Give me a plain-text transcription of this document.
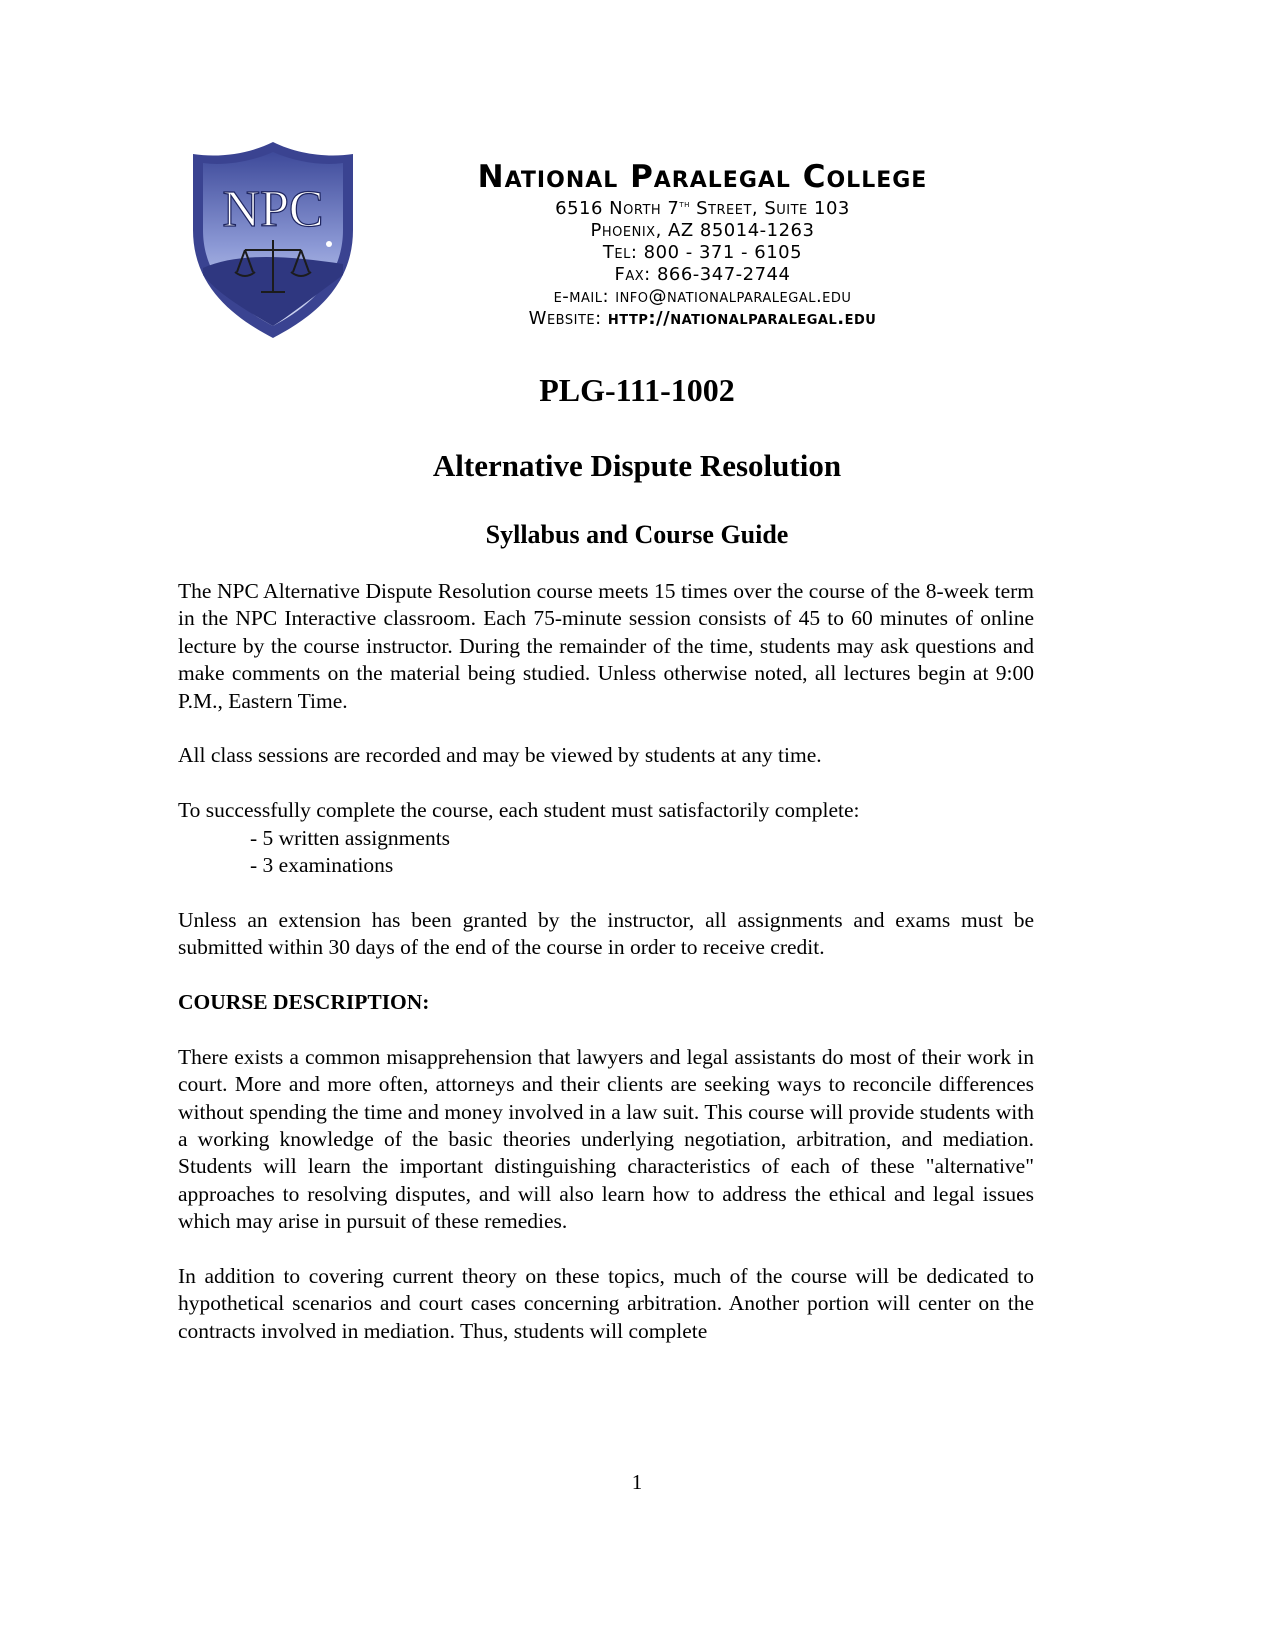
NPC

National Paralegal College

6516 North 7th Street, Suite 103

Phoenix, AZ 85014-1263

Tel: 800 - 371 - 6105

Fax: 866-347-2744

e-mail: info@nationalparalegal.edu

Website: http://nationalparalegal.edu

PLG-111-1002
Alternative Dispute Resolution
Syllabus and Course Guide

The NPC Alternative Dispute Resolution course meets 15 times over the course of the 8-week term in the NPC Interactive classroom. Each 75-minute session consists of 45 to 60 minutes of online lecture by the course instructor. During the remainder of the time, students may ask questions and make comments on the material being studied. Unless otherwise noted, all lectures begin at 9:00 P.M., Eastern Time.

All class sessions are recorded and may be viewed by students at any time.

To successfully complete the course, each student must satisfactorily complete:
- 5 written assignments
- 3 examinations

Unless an extension has been granted by the instructor, all assignments and exams must be submitted within 30 days of the end of the course in order to receive credit.

COURSE DESCRIPTION:

There exists a common misapprehension that lawyers and legal assistants do most of their work in court. More and more often, attorneys and their clients are seeking ways to reconcile differences without spending the time and money involved in a law suit. This course will provide students with a working knowledge of the basic theories underlying negotiation, arbitration, and mediation. Students will learn the important distinguishing characteristics of each of these "alternative" approaches to resolving disputes, and will also learn how to address the ethical and legal issues which may arise in pursuit of these remedies.

In addition to covering current theory on these topics, much of the course will be dedicated to hypothetical scenarios and court cases concerning arbitration. Another portion will center on the contracts involved in mediation. Thus, students will complete

1
